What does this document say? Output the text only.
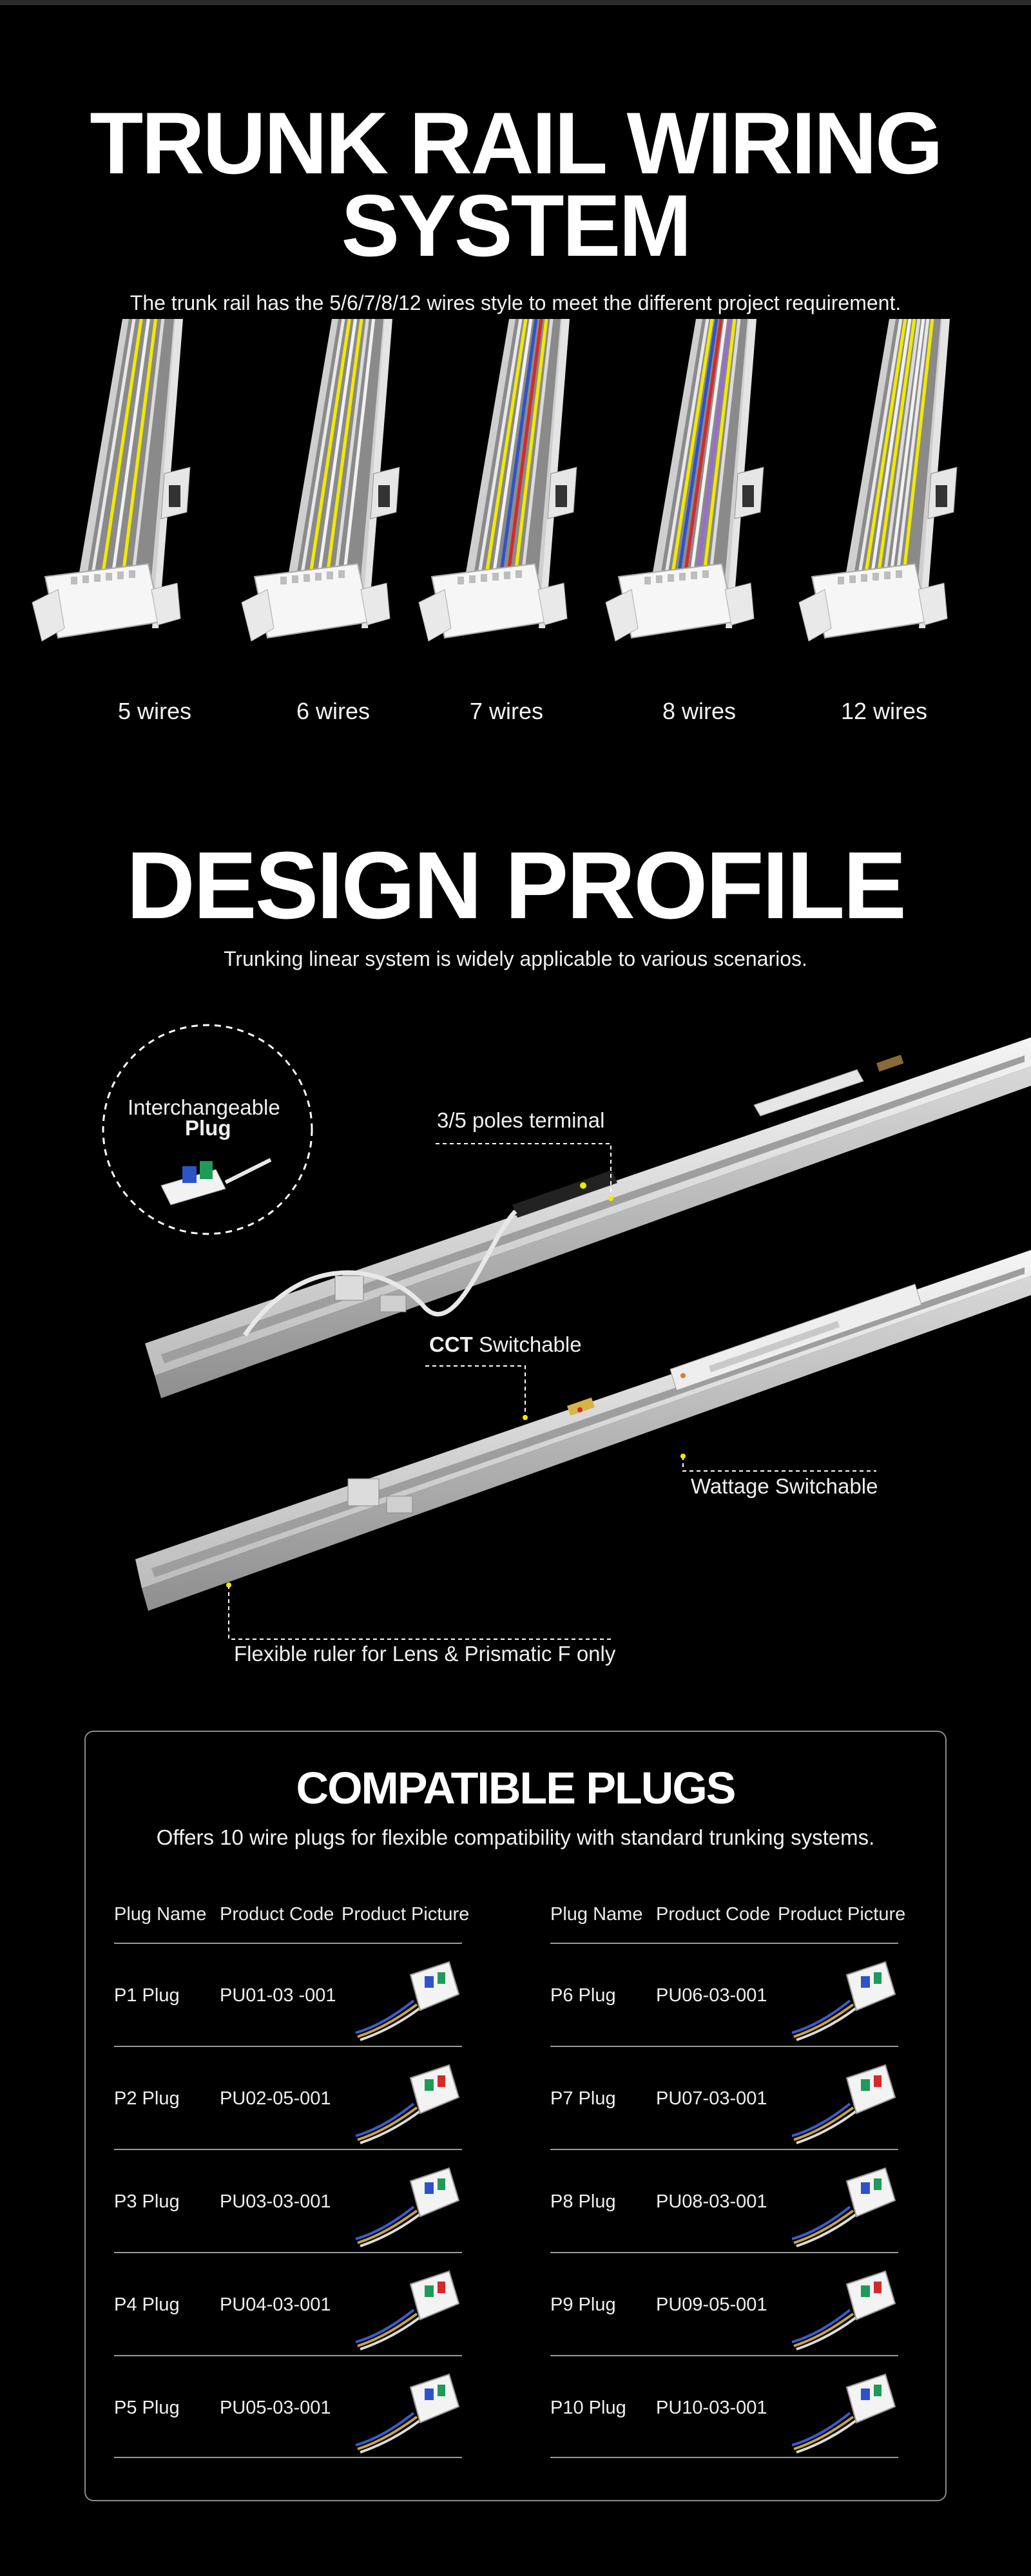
TRUNK RAIL WIRING
SYSTEM
The trunk rail has the 5/6/7/8/12 wires style to meet the different project requirement.
5 wires	6 wires	7 wires	8 wires	12 wires
DESIGN PROFILE
Trunking linear system is widely applicable to various scenarios.
Interchangeable
Plug	3/5 poles terminal
CCT Switchable
Wattage Switchable
Flexible ruler for Lens & Prismatic F only
COMPATIBLE PLUGS
Offers 10 wire plugs for flexible compatibility with standard trunking systems.
Plug Name Product Code Product Picture
P1 Plug PU01-03 -001
P2 Plug PU02-05-001
P3 Plug PU03-03-001
P4 Plug PU04-03-001
P5 Plug PU05-03-001
Plug Name Product Code Product Picture
P6 Plug PU06-03-001
P7 Plug PU07-03-001
P8 Plug PU08-03-001
P9 Plug PU09-05-001
P10 Plug PU10-03-001
